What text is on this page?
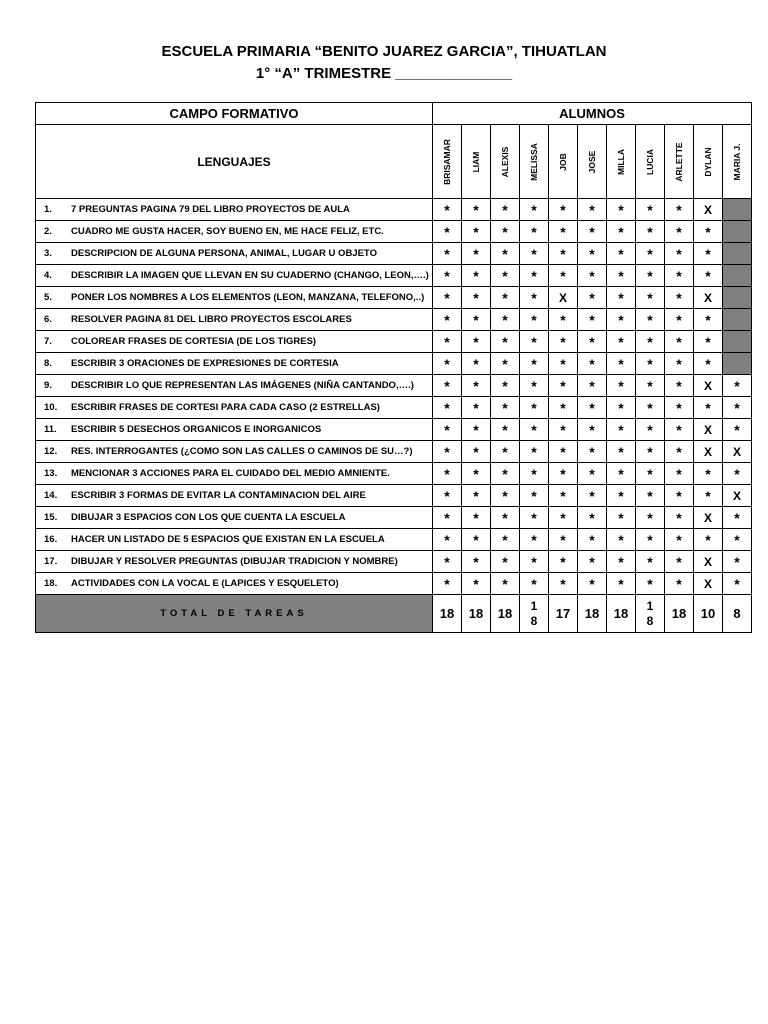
ESCUELA PRIMARIA “BENITO JUAREZ GARCIA”, TIHUATLAN
1° “A” TRIMESTRE ______________
CAMPO FORMATIVO	ALUMNOS										
LENGUAJES	BRISAMAR	LIAM	ALEXIS	MELISSA	JOB	JOSE	MILLA	LUCIA	ARLETTE	DYLAN	MARIA J.

1. 7 PREGUNTAS PAGINA 79 DEL LIBRO PROYECTOS DE AULA	*	*	*	*	*	*	*	*	*	X	
2. CUADRO ME GUSTA HACER, SOY BUENO EN, ME HACE FELIZ, ETC.	*	*	*	*	*	*	*	*	*	*	
3. DESCRIPCION DE ALGUNA PERSONA, ANIMAL, LUGAR U OBJETO	*	*	*	*	*	*	*	*	*	*	
4. DESCRIBIR LA IMAGEN QUE LLEVAN EN SU CUADERNO (CHANGO, LEON,….)	*	*	*	*	*	*	*	*	*	*	
5. PONER LOS NOMBRES A LOS ELEMENTOS (LEON, MANZANA, TELEFONO,..)	*	*	*	*	X	*	*	*	*	X	
6. RESOLVER PAGINA 81 DEL LIBRO PROYECTOS ESCOLARES	*	*	*	*	*	*	*	*	*	*	
7. COLOREAR FRASES DE CORTESIA (DE LOS TIGRES)	*	*	*	*	*	*	*	*	*	*	
8. ESCRIBIR 3 ORACIONES DE EXPRESIONES DE CORTESIA	*	*	*	*	*	*	*	*	*	*	
9. DESCRIBIR LO QUE REPRESENTAN LAS IMÁGENES (NIÑA CANTANDO,….)	*	*	*	*	*	*	*	*	*	X	*
10. ESCRIBIR FRASES DE CORTESI PARA CADA CASO (2 ESTRELLAS)	*	*	*	*	*	*	*	*	*	*	*
11. ESCRIBIR 5 DESECHOS ORGANICOS E INORGANICOS	*	*	*	*	*	*	*	*	*	X	*
12. RES. INTERROGANTES (¿COMO SON LAS CALLES O CAMINOS DE SU…?)	*	*	*	*	*	*	*	*	*	X	X
13. MENCIONAR 3 ACCIONES PARA EL CUIDADO DEL MEDIO AMNIENTE.	*	*	*	*	*	*	*	*	*	*	*
14. ESCRIBIR 3 FORMAS DE EVITAR LA CONTAMINACION DEL AIRE	*	*	*	*	*	*	*	*	*	*	X
15. DIBUJAR 3 ESPACIOS CON LOS QUE CUENTA LA ESCUELA	*	*	*	*	*	*	*	*	*	X	*
16. HACER UN LISTADO DE 5 ESPACIOS QUE EXISTAN EN LA ESCUELA	*	*	*	*	*	*	*	*	*	*	*
17. DIBUJAR Y RESOLVER PREGUNTAS (DIBUJAR TRADICION Y NOMBRE)	*	*	*	*	*	*	*	*	*	X	*
18. ACTIVIDADES CON LA VOCAL E (LAPICES Y ESQUELETO)	*	*	*	*	*	*	*	*	*	X	*
TOTAL DE TAREAS	18	18	18	18	17	18	18	18	18	10	8
